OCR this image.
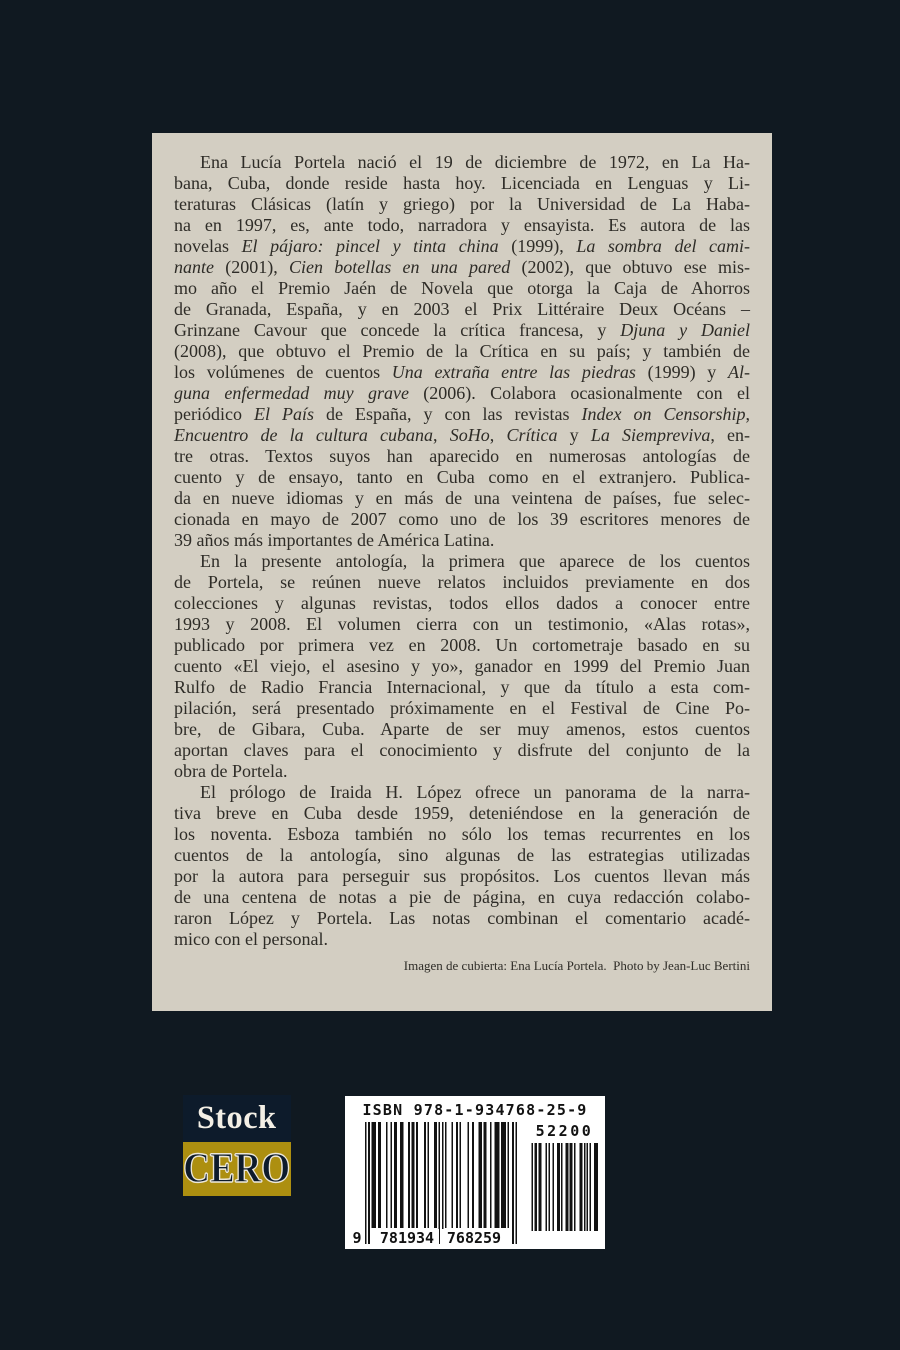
Ena Lucía Portela nació el 19 de diciembre de 1972, en La Ha-
bana, Cuba, donde reside hasta hoy. Licenciada en Lenguas y Li-
teraturas Clásicas (latín y griego) por la Universidad de La Haba-
na en 1997, es, ante todo, narradora y ensayista. Es autora de las
novelas El pájaro: pincel y tinta china (1999), La sombra del cami-
nante (2001), Cien botellas en una pared (2002), que obtuvo ese mis-
mo año el Premio Jaén de Novela que otorga la Caja de Ahorros
de Granada, España, y en 2003 el Prix Littéraire Deux Océans –
Grinzane Cavour que concede la crítica francesa, y Djuna y Daniel
(2008), que obtuvo el Premio de la Crítica en su país; y también de
los volúmenes de cuentos Una extraña entre las piedras (1999) y Al-
guna enfermedad muy grave (2006). Colabora ocasionalmente con el
periódico El País de España, y con las revistas Index on Censorship,
Encuentro de la cultura cubana, SoHo, Crítica y La Siempreviva, en-
tre otras. Textos suyos han aparecido en numerosas antologías de
cuento y de ensayo, tanto en Cuba como en el extranjero. Publica-
da en nueve idiomas y en más de una veintena de países, fue selec-
cionada en mayo de 2007 como uno de los 39 escritores menores de
39 años más importantes de América Latina.
En la presente antología, la primera que aparece de los cuentos
de Portela, se reúnen nueve relatos incluidos previamente en dos
colecciones y algunas revistas, todos ellos dados a conocer entre
1993 y 2008. El volumen cierra con un testimonio, «Alas rotas»,
publicado por primera vez en 2008. Un cortometraje basado en su
cuento «El viejo, el asesino y yo», ganador en 1999 del Premio Juan
Rulfo de Radio Francia Internacional, y que da título a esta com-
pilación, será presentado próximamente en el Festival de Cine Po-
bre, de Gibara, Cuba. Aparte de ser muy amenos, estos cuentos
aportan claves para el conocimiento y disfrute del conjunto de la
obra de Portela.
El prólogo de Iraida H. López ofrece un panorama de la narra-
tiva breve en Cuba desde 1959, deteniéndose en la generación de
los noventa. Esboza también no sólo los temas recurrentes en los
cuentos de la antología, sino algunas de las estrategias utilizadas
por la autora para perseguir sus propósitos. Los cuentos llevan más
de una centena de notas a pie de página, en cuya redacción colabo-
raron López y Portela. Las notas combinan el comentario acadé-
mico con el personal.
Imagen de cubierta: Ena Lucía Portela.  Photo by Jean-Luc Bertini
Stock
CERO
ISBN 978-1-934768-25-9
9	781934 768259
52200
